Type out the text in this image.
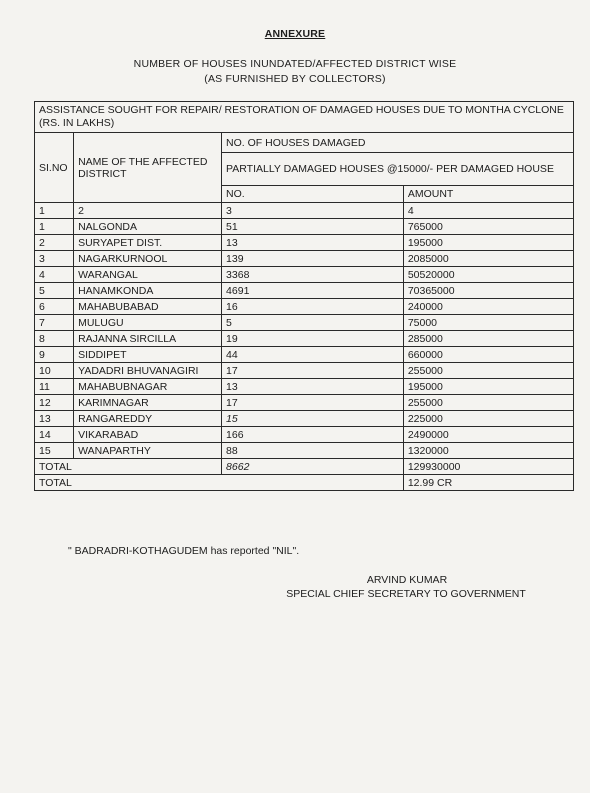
ANNEXURE
NUMBER OF HOUSES INUNDATED/AFFECTED DISTRICT WISE
(AS FURNISHED BY COLLECTORS)
ASSISTANCE SOUGHT FOR REPAIR/ RESTORATION OF DAMAGED HOUSES DUE TO MONTHA CYCLONE (RS. IN LAKHS)			
SI.NO	NAME OF THE AFFECTED DISTRICT	NO. OF HOUSES DAMAGED	
		PARTIALLY DAMAGED HOUSES @15000/- PER DAMAGED HOUSE	
		NO.	AMOUNT
1	2	3	4
1	NALGONDA	51	765000
2	SURYAPET DIST.	13	195000
3	NAGARKURNOOL	139	2085000
4	WARANGAL	3368	50520000
5	HANAMKONDA	4691	70365000
6	MAHABUBABAD	16	240000
7	MULUGU	5	75000
8	RAJANNA SIRCILLA	19	285000
9	SIDDIPET	44	660000
10	YADADRI BHUVANAGIRI	17	255000
11	MAHABUBNAGAR	13	195000
12	KARIMNAGAR	17	255000
13	RANGAREDDY	15	225000
14	VIKARABAD	166	2490000
15	WANAPARTHY	88	1320000
TOTAL		8662	129930000
TOTAL			12.99 CR
" BADRADRI-KOTHAGUDEM has reported "NIL".
ARVIND KUMAR
SPECIAL CHIEF SECRETARY TO GOVERNMENT
